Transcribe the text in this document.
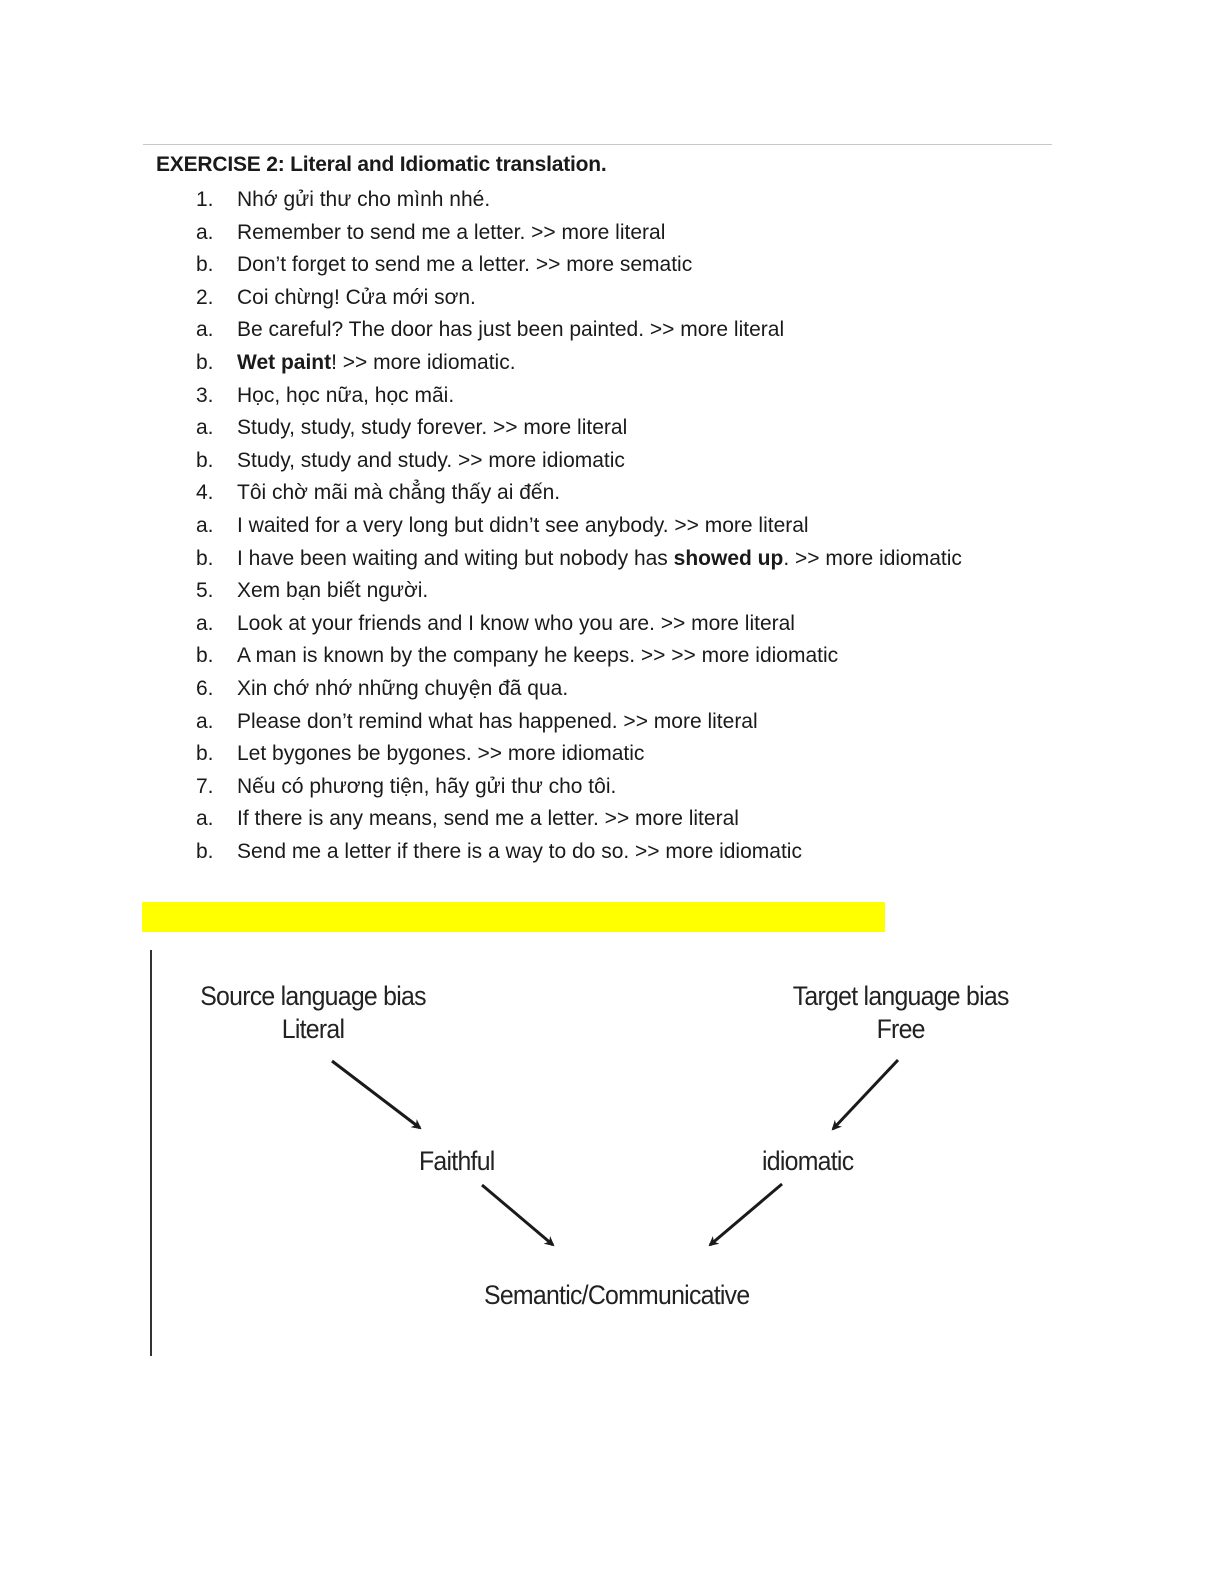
EXERCISE 2: Literal and Idiomatic translation.
1. Nhớ gửi thư cho mình nhé.
a. Remember to send me a letter. >> more literal
b. Don’t forget to send me a letter. >> more sematic
2. Coi chừng! Cửa mới sơn.
a. Be careful? The door has just been painted. >> more literal
b. Wet paint! >> more idiomatic.
3. Học, học nữa, học mãi.
a. Study, study, study forever. >> more literal
b. Study, study and study. >> more idiomatic
4. Tôi chờ mãi mà chẳng thấy ai đến.
a. I waited for a very long but didn’t see anybody. >> more literal
b. I have been waiting and witing but nobody has showed up. >> more idiomatic
5. Xem bạn biết người.
a. Look at your friends and I know who you are. >> more literal
b. A man is known by the company he keeps. >> >> more idiomatic
6. Xin chớ nhớ những chuyện đã qua.
a. Please don’t remind what has happened. >> more literal
b. Let bygones be bygones. >> more idiomatic
7. Nếu có phương tiện, hãy gửi thư cho tôi.
a. If there is any means, send me a letter. >> more literal
b. Send me a letter if there is a way to do so. >> more idiomatic
Source language bias
Literal
Target language bias
Free

Faithful	idiomatic

Semantic/Communicative
